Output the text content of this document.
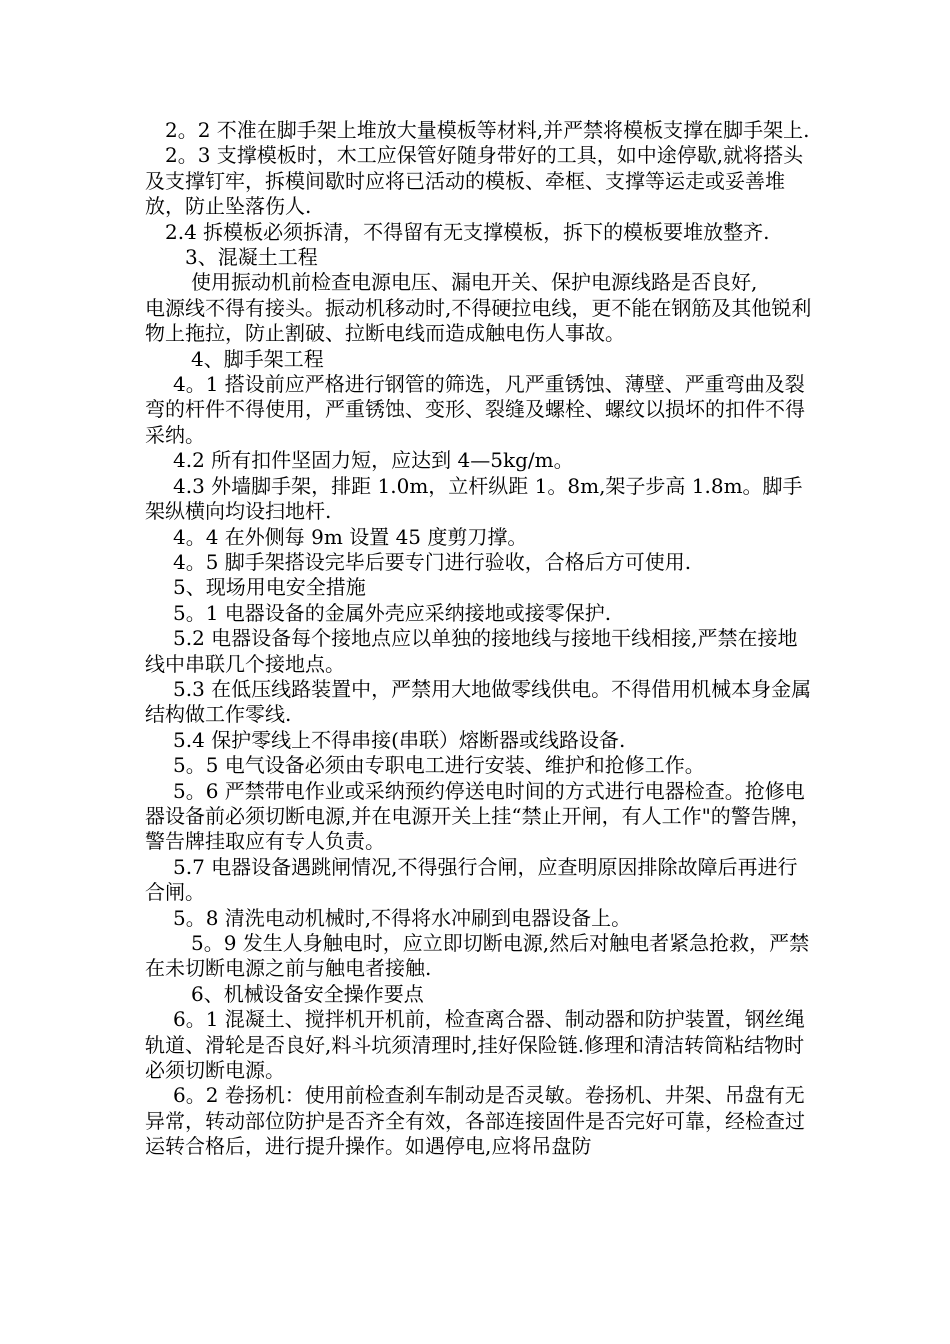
2。2 不准在脚手架上堆放大量模板等材料,并严禁将模板支撑在脚手架上.

2。3 支撑模板时，木工应保管好随身带好的工具，如中途停歇,就将搭头及支撑钉牢，拆模间歇时应将已活动的模板、牵框、支撑等运走或妥善堆放，防止坠落伤人.

2.4 拆模板必须拆清，不得留有无支撑模板，拆下的模板要堆放整齐.

3、混凝土工程

使用振动机前检查电源电压、漏电开关、保护电源线路是否良好,

电源线不得有接头。振动机移动时,不得硬拉电线，更不能在钢筋及其他锐利物上拖拉，防止割破、拉断电线而造成触电伤人事故。

4、脚手架工程

4。1 搭设前应严格进行钢管的筛选，凡严重锈蚀、薄壁、严重弯曲及裂弯的杆件不得使用，严重锈蚀、变形、裂缝及螺栓、螺纹以损坏的扣件不得采纳。

4.2 所有扣件坚固力短，应达到 4—5kg/m。

4.3 外墙脚手架，排距 1.0m，立杆纵距 1。8m,架子步高 1.8m。脚手架纵横向均设扫地杆.

4。4 在外侧每 9m 设置 45 度剪刀撑。

4。5 脚手架搭设完毕后要专门进行验收，合格后方可使用.

5、现场用电安全措施

5。1 电器设备的金属外壳应采纳接地或接零保护.

5.2 电器设备每个接地点应以单独的接地线与接地干线相接,严禁在接地线中串联几个接地点。

5.3 在低压线路装置中，严禁用大地做零线供电。不得借用机械本身金属结构做工作零线.

5.4 保护零线上不得串接(串联）熔断器或线路设备.

5。5 电气设备必须由专职电工进行安装、维护和抢修工作。

5。6 严禁带电作业或采纳预约停送电时间的方式进行电器检查。抢修电器设备前必须切断电源,并在电源开关上挂“禁止开闸，有人工作"的警告牌，警告牌挂取应有专人负责。

5.7 电器设备遇跳闸情况,不得强行合闸，应查明原因排除故障后再进行合闸。

5。8 清洗电动机械时,不得将水冲刷到电器设备上。

5。9 发生人身触电时，应立即切断电源,然后对触电者紧急抢救，严禁在未切断电源之前与触电者接触.

6、机械设备安全操作要点

6。1 混凝土、搅拌机开机前，检查离合器、制动器和防护装置，钢丝绳轨道、滑轮是否良好,料斗坑须清理时,挂好保险链.修理和清洁转筒粘结物时必须切断电源。

6。2 卷扬机：使用前检查刹车制动是否灵敏。卷扬机、井架、吊盘有无异常，转动部位防护是否齐全有效，各部连接固件是否完好可靠，经检查过运转合格后，进行提升操作。如遇停电,应将吊盘防
